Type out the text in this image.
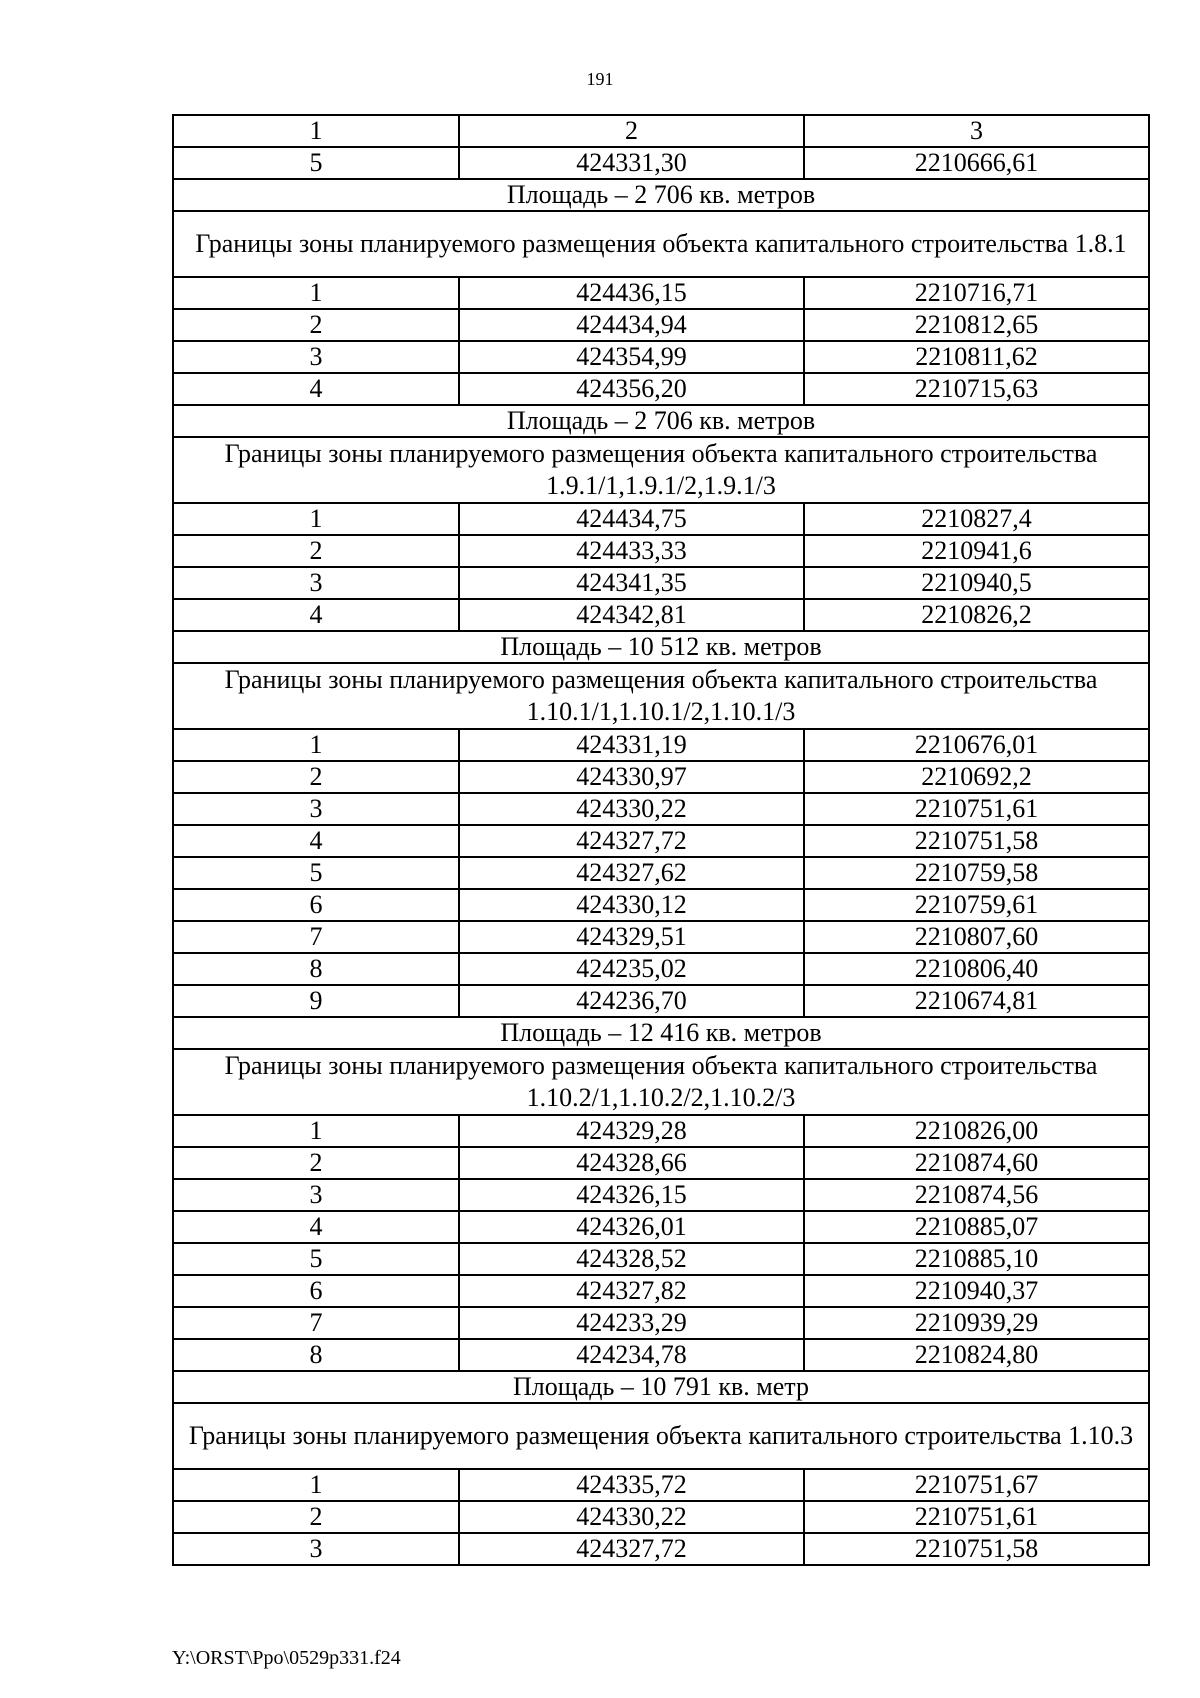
191
1	2	3
5	424331,30	2210666,61
Площадь – 2 706 кв. метров		
Границы зоны планируемого размещения объекта капитального строительства 1.8.1		
1	424436,15	2210716,71
2	424434,94	2210812,65
3	424354,99	2210811,62
4	424356,20	2210715,63
Площадь – 2 706 кв. метров		
Границы зоны планируемого размещения объекта капитального строительства 1.9.1/1,1.9.1/2,1.9.1/3		
1	424434,75	2210827,4
2	424433,33	2210941,6
3	424341,35	2210940,5
4	424342,81	2210826,2
Площадь – 10 512 кв. метров		
Границы зоны планируемого размещения объекта капитального строительства 1.10.1/1,1.10.1/2,1.10.1/3		
1	424331,19	2210676,01
2	424330,97	2210692,2
3	424330,22	2210751,61
4	424327,72	2210751,58
5	424327,62	2210759,58
6	424330,12	2210759,61
7	424329,51	2210807,60
8	424235,02	2210806,40
9	424236,70	2210674,81
Площадь – 12 416 кв. метров		
Границы зоны планируемого размещения объекта капитального строительства 1.10.2/1,1.10.2/2,1.10.2/3		
1	424329,28	2210826,00
2	424328,66	2210874,60
3	424326,15	2210874,56
4	424326,01	2210885,07
5	424328,52	2210885,10
6	424327,82	2210940,37
7	424233,29	2210939,29
8	424234,78	2210824,80
Площадь – 10 791 кв. метр		
Границы зоны планируемого размещения объекта капитального строительства 1.10.3		
1	424335,72	2210751,67
2	424330,22	2210751,61
3	424327,72	2210751,58
Y:\ORST\Ppo\0529p331.f24
